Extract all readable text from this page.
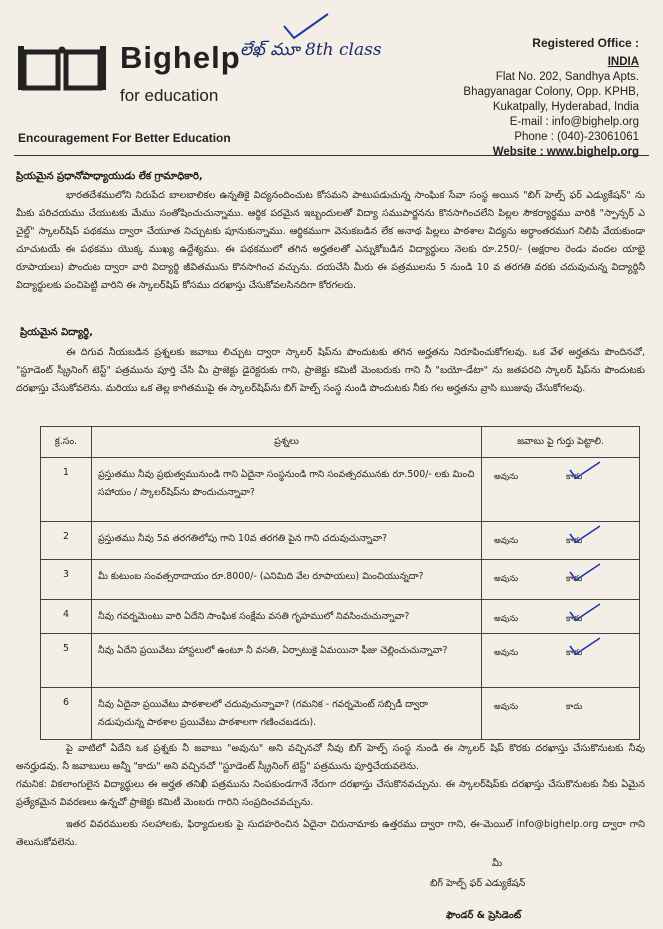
Bighelp
for education
Encouragement For Better Education
లేఖ్ మూ 8th class	Registered Office :
INDIA
Flat No. 202, Sandhya Apts.
Bhagyanagar Colony, Opp. KPHB,
Kukatpally, Hyderabad, India
E-mail : info@bighelp.org
Phone : (040)-23061061
Website : www.bighelp.org
ప్రియమైన ప్రధానోపాధ్యాయుడు లేక గ్రామాధికారి,
భారతదేశములోని నిరుపేద బాలబాలికల ఉన్నతికై విద్యనందించుట కోసమని పాటుపడుచున్న సాంఘిక సేవా సంస్థ అయిన "బిగ్ హెల్ప్ ఫర్ ఎడ్యుకేషన్" ను మీకు పరిచయము చేయుటకు మేము సంతోషించుచున్నాము. ఆర్థిక పరమైన ఇబ్బందులతో విద్యా సముపార్జనను కొనసాగించలేని పిల్లల సౌకర్యార్థము వారికి "స్పాన్సర్ ఎ చైల్డ్" స్కాలర్‌షిప్ పథకము ద్వారా చేయూత నిచ్చుటకు పూనుకున్నాము. ఆర్థికముగా వెనుకబడిన లేక అనాథ పిల్లలు పాఠశాల విద్యను అర్ధాంతరముగ నిలిపి వేయకుండా చూచుటయే ఈ పథకము యొక్క ముఖ్య ఉద్దేశ్యము. ఈ పథకములో తగిన అర్హతలతో ఎన్నుకోబడిన విద్యార్థులు నెలకు రూ.250/- (అక్షరాల రెండు వందల యాభై రూపాయలు) పొందుట ద్వారా వారి విద్యార్థి జీవితమును కొనసాగించ వచ్చును. దయచేసి మీరు ఈ పత్రములను 5 నుండి 10 వ తరగతి వరకు చదువుచున్న విద్యార్థినీ విద్యార్థులకు పంచిపెట్టి వారిని ఈ స్కాలర్‌షిప్ కోసము దరఖాస్తు చేసుకోవలసినదిగా కోరగలరు.
ప్రియమైన విద్యార్థి,
ఈ దిగువ నీయబడిన ప్రశ్నలకు జవాబు లిచ్చుట ద్వారా స్కాలర్ షిప్‌ను పొందుటకు తగిన అర్హతను నిరూపించుకోగలవు. ఒక వేళ అర్హతను పొందినచో, "స్టూడెంట్ స్క్రీనింగ్ టెస్ట్" పత్రమును పూర్తి చేసి మీ ప్రాజెక్టు డైరెక్టరుకు గాని, ప్రాజెక్టు కమిటీ మెంబరుకు గాని నీ "బయో-డేటా" ను జతపరచి స్కాలర్ షిప్‌ను పొందుటకు దరఖాస్తు చేసుకోవలెను. మరియు ఒక తెల్ల కాగితముపై ఈ స్కాలర్‌షిప్‌ను బిగ్ హెల్ప్ సంస్థ నుండి పొందుటకు నీకు గల అర్హతను వ్రాసి ఋజువు చేసుకోగలవు.
క్ర.సం.	ప్రశ్నలు	జవాబు పై గుర్తు పెట్టాలి.
1	ప్రస్తుతము నీవు ప్రభుత్వమునుండి గాని ఏదైనా సంస్థనుండి గాని సంవత్సరమునకు రూ.500/- లకు మించి సహాయం / స్కాలర్‌షిప్‌ను పొందుచున్నావా?	అవును కాదు

2	ప్రస్తుతము నీవు 5వ తరగతిలోపు గాని 10వ తరగతి పైన గాని చదువుచున్నావా?	అవును కాదు

3	మీ కుటుంబ సంవత్సరాదాయం రూ.8000/- (ఎనిమిది వేల రూపాయలు) మించియున్నదా?	అవును కాదు

4	నీవు గవర్నమెంటు వారి ఏదేని సాంఘిక సంక్షేమ వసతి గృహములో నివసించుచున్నావా?	అవును కాదు

5	నీవు ఏదేని ప్రయివేటు హాస్టలులో ఉంటూ నీ వసతి, ఏర్పాటుకై ఏమయినా ఫీజు చెల్లించుచున్నావా?	అవును కాదు

6	నీవు ఏదైనా ప్రయివేటు పాఠశాలలో చదువుచున్నావా? (గమనిక - గవర్నమెంట్ సబ్సిడీ ద్వారా నడుపుచున్న పాఠశాల ప్రయివేటు పాఠశాలగా గణించబడదు).	అవును కాదు
పై వాటిలో ఏదేని ఒక ప్రశ్నకు నీ జవాబు "అవును" అని వచ్చినచో నీవు బిగ్ హెల్ప్ సంస్థ నుండి ఈ స్కాలర్ షిప్ కొరకు దరఖాస్తు చేసుకొనుటకు నీవు అనర్హుడవు. నీ జవాబులు అన్నీ "కాదు" అని వచ్చినచో "స్టూడెంట్ స్క్రీనింగ్ టెస్ట్" పత్రమును పూర్తిచేయవలెను.
గమనిక: వికలాంగులైన విద్యార్థులు ఈ అర్హత తనిఖీ పత్రమును నింపకుండగానే నేరుగా దరఖాస్తు చేసుకొనవచ్చును. ఈ స్కాలర్‌షిప్‌కు దరఖాస్తు చేసుకొనుటకు నీకు ఏమైన ప్రత్యేకమైన వివరణలు ఉన్నచో ప్రాజెక్టు కమిటీ మెంబరు గారిని సంప్రదించవచ్చును.
ఇతర వివరములకు సలహాలకు, ఫిర్యాదులకు పై సుదహరించిన ఏదైనా చిరునామాకు ఉత్తరము ద్వారా గాని, ఈ-మెయిల్ info@bighelp.org ద్వారా గాని తెలుసుకోవలెను.
మీ
బిగ్ హెల్ప్ ఫర్ ఎడ్యుకేషన్
ఫౌండర్ & ప్రెసిడెంట్
